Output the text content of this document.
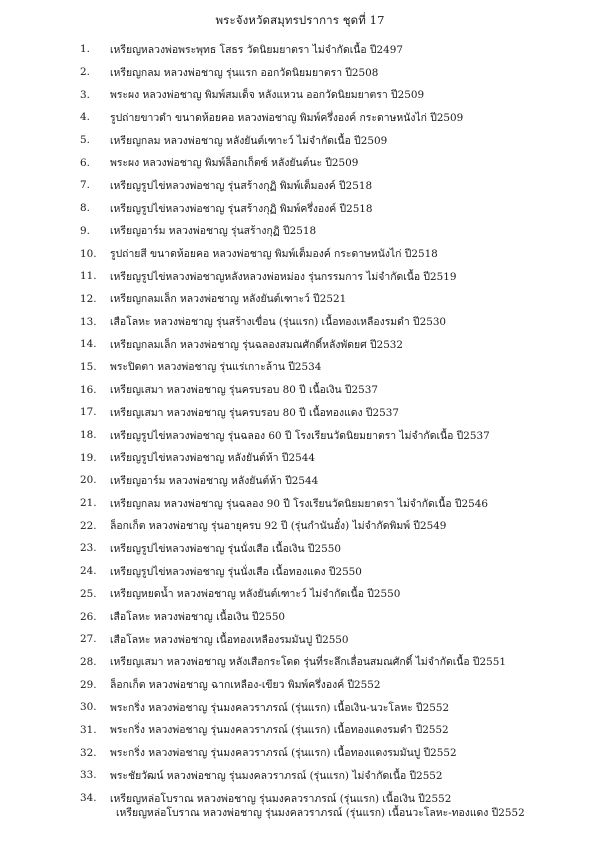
พระจังหวัดสมุทรปราการ ชุดที่ 17
1.	เหรียญหลวงพ่อพระพุทธ โสธร วัดนิยมยาตรา ไม่จำกัดเนื้อ ปี2497
2.	เหรียญกลม หลวงพ่อชาญ รุ่นแรก ออกวัดนิยมยาตรา ปี2508
3.	พระผง หลวงพ่อชาญ พิมพ์สมเด็จ หลังแหวน ออกวัดนิยมยาตรา ปี2509
4.	รูปถ่ายขาวดำ ขนาดห้อยคอ หลวงพ่อชาญ พิมพ์ครึ่งองค์ กระดาษหนังไก่ ปี2509
5.	เหรียญกลม หลวงพ่อชาญ หลังยันต์เฑาะว์ ไม่จำกัดเนื้อ ปี2509
6.	พระผง หลวงพ่อชาญ พิมพ์ล็อกเก็ตซ์ หลังยันต์นะ ปี2509
7.	เหรียญรูปไข่หลวงพ่อชาญ รุ่นสร้างกุฏิ พิมพ์เต็มองค์ ปี2518
8.	เหรียญรูปไข่หลวงพ่อชาญ รุ่นสร้างกุฏิ พิมพ์ครึ่งองค์ ปี2518
9.	เหรียญอาร์ม หลวงพ่อชาญ รุ่นสร้างกุฏิ ปี2518
10.	รูปถ่ายสี ขนาดห้อยคอ หลวงพ่อชาญ พิมพ์เต็มองค์ กระดาษหนังไก่ ปี2518
11.	เหรียญรูปไข่หลวงพ่อชาญหลังหลวงพ่อหม่อง รุ่นกรรมการ ไม่จำกัดเนื้อ ปี2519
12.	เหรียญกลมเล็ก หลวงพ่อชาญ หลังยันต์เฑาะว์ ปี2521
13.	เสือโลหะ หลวงพ่อชาญ รุ่นสร้างเขื่อน (รุ่นแรก) เนื้อทองเหลืองรมดำ ปี2530
14.	เหรียญกลมเล็ก หลวงพ่อชาญ รุ่นฉลองสมณศักดิ์หลังพัดยศ ปี2532
15.	พระปิดตา หลวงพ่อชาญ รุ่นแร่เกาะล้าน ปี2534
16.	เหรียญเสมา หลวงพ่อชาญ รุ่นครบรอบ 80 ปี เนื้อเงิน ปี2537
17.	เหรียญเสมา หลวงพ่อชาญ รุ่นครบรอบ 80 ปี เนื้อทองแดง ปี2537
18.	เหรียญรูปไข่หลวงพ่อชาญ รุ่นฉลอง 60 ปี โรงเรียนวัดนิยมยาตรา ไม่จำกัดเนื้อ ปี2537
19.	เหรียญรูปไข่หลวงพ่อชาญ หลังยันต์ห้า ปี2544
20.	เหรียญอาร์ม หลวงพ่อชาญ หลังยันต์ห้า ปี2544
21.	เหรียญกลม หลวงพ่อชาญ รุ่นฉลอง 90 ปี โรงเรียนวัดนิยมยาตรา ไม่จำกัดเนื้อ ปี2546
22.	ล็อกเก็ต หลวงพ่อชาญ รุ่นอายุครบ 92 ปี (รุ่นกำนันอั๋ง) ไม่จำกัดพิมพ์ ปี2549
23.	เหรียญรูปไข่หลวงพ่อชาญ รุ่นนั่งเสือ เนื้อเงิน ปี2550
24.	เหรียญรูปไข่หลวงพ่อชาญ รุ่นนั่งเสือ เนื้อทองแดง ปี2550
25.	เหรียญหยดน้ำ หลวงพ่อชาญ หลังยันต์เฑาะว์ ไม่จำกัดเนื้อ ปี2550
26.	เสือโลหะ หลวงพ่อชาญ เนื้อเงิน ปี2550
27.	เสือโลหะ หลวงพ่อชาญ เนื้อทองเหลืองรมมันปู ปี2550
28.	เหรียญเสมา หลวงพ่อชาญ หลังเสือกระโดด รุ่นที่ระลึกเลื่อนสมณศักดิ์ ไม่จำกัดเนื้อ ปี2551
29.	ล็อกเก็ต หลวงพ่อชาญ ฉากเหลือง-เขียว พิมพ์ครึ่งองค์ ปี2552
30.	พระกริ่ง หลวงพ่อชาญ รุ่นมงคลวราภรณ์ (รุ่นแรก) เนื้อเงิน-นวะโลหะ ปี2552
31.	พระกริ่ง หลวงพ่อชาญ รุ่นมงคลวราภรณ์ (รุ่นแรก) เนื้อทองแดงรมดำ ปี2552
32.	พระกริ่ง หลวงพ่อชาญ รุ่นมงคลวราภรณ์ (รุ่นแรก) เนื้อทองแดงรมมันปู ปี2552
33.	พระชัยวัฒน์ หลวงพ่อชาญ รุ่นมงคลวราภรณ์ (รุ่นแรก) ไม่จำกัดเนื้อ ปี2552
34.	เหรียญหล่อโบราณ หลวงพ่อชาญ รุ่นมงคลวราภรณ์ (รุ่นแรก) เนื้อเงิน ปี2552
เหรียญหล่อโบราณ หลวงพ่อชาญ รุ่นมงคลวราภรณ์ (รุ่นแรก) เนื้อนวะโลหะ-ทองแดง ปี2552
